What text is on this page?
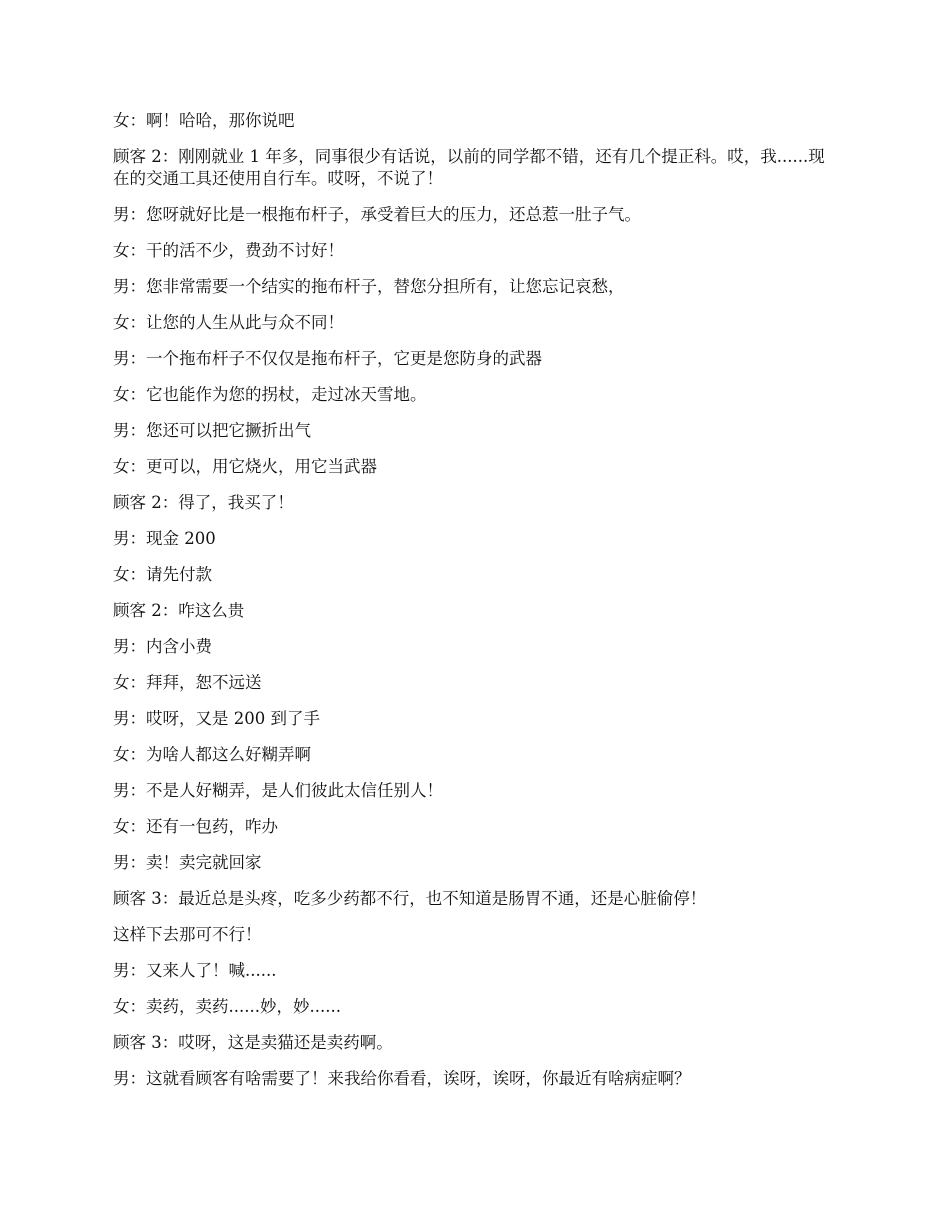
女：啊！哈哈，那你说吧

顾客 2：刚刚就业 1 年多，同事很少有话说，以前的同学都不错，还有几个提正科。哎，我......现在的交通工具还使用自行车。哎呀，不说了！

男：您呀就好比是一根拖布杆子，承受着巨大的压力，还总惹一肚子气。

女：干的活不少，费劲不讨好！

男：您非常需要一个结实的拖布杆子，替您分担所有，让您忘记哀愁，

女：让您的人生从此与众不同！

男：一个拖布杆子不仅仅是拖布杆子，它更是您防身的武器

女：它也能作为您的拐杖，走过冰天雪地。

男：您还可以把它撅折出气

女：更可以，用它烧火，用它当武器

顾客 2：得了，我买了！

男：现金 200

女：请先付款

顾客 2：咋这么贵

男：内含小费

女：拜拜，恕不远送

男：哎呀，又是 200 到了手

女：为啥人都这么好糊弄啊

男：不是人好糊弄，是人们彼此太信任别人！

女：还有一包药，咋办

男：卖！卖完就回家

顾客 3：最近总是头疼，吃多少药都不行，也不知道是肠胃不通，还是心脏偷停！

这样下去那可不行！

男：又来人了！喊......

女：卖药，卖药......妙，妙......

顾客 3：哎呀，这是卖猫还是卖药啊。

男：这就看顾客有啥需要了！来我给你看看，诶呀，诶呀，你最近有啥病症啊？
